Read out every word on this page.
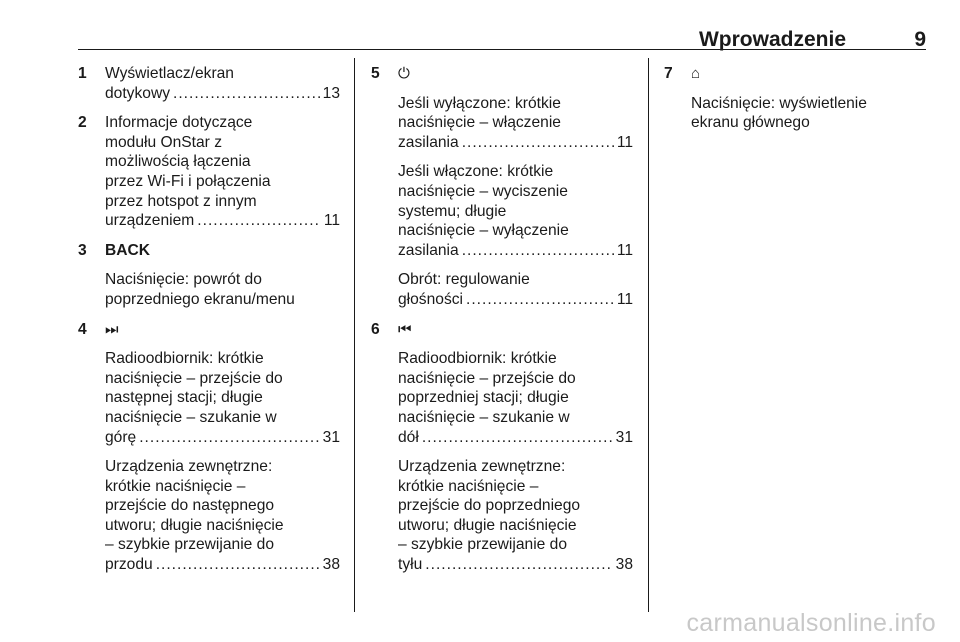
Wprowadzenie	9
1 Wyświetlacz/ekran
dotykowy .....	13
2 Informacje dotyczące
modułu OnStar z
możliwością łączenia
przez Wi-Fi i połączenia
przez hotspot z innym
urządzeniem .....	11
3 BACK
Naciśnięcie: powrót do
poprzedniego ekranu/menu
4 ⏭
Radioodbiornik: krótkie
naciśnięcie – przejście do
następnej stacji; długie
naciśnięcie – szukanie w
górę .....	31
Urządzenia zewnętrzne:
krótkie naciśnięcie –
przejście do następnego
utworu; długie naciśnięcie
– szybkie przewijanie do
przodu .....	38
5 ⏻
Jeśli wyłączone: krótkie
naciśnięcie – włączenie
zasilania .....	11
Jeśli włączone: krótkie
naciśnięcie – wyciszenie
systemu; długie
naciśnięcie – wyłączenie
zasilania .....	11
Obrót: regulowanie
głośności .....	11
6 ⏮
Radioodbiornik: krótkie
naciśnięcie – przejście do
poprzedniej stacji; długie
naciśnięcie – szukanie w
dół .....	31
Urządzenia zewnętrzne:
krótkie naciśnięcie –
przejście do poprzedniego
utworu; długie naciśnięcie
– szybkie przewijanie do
tyłu .....	38
7 ⌂
Naciśnięcie: wyświetlenie
ekranu głównego
carmanualsonline.info
